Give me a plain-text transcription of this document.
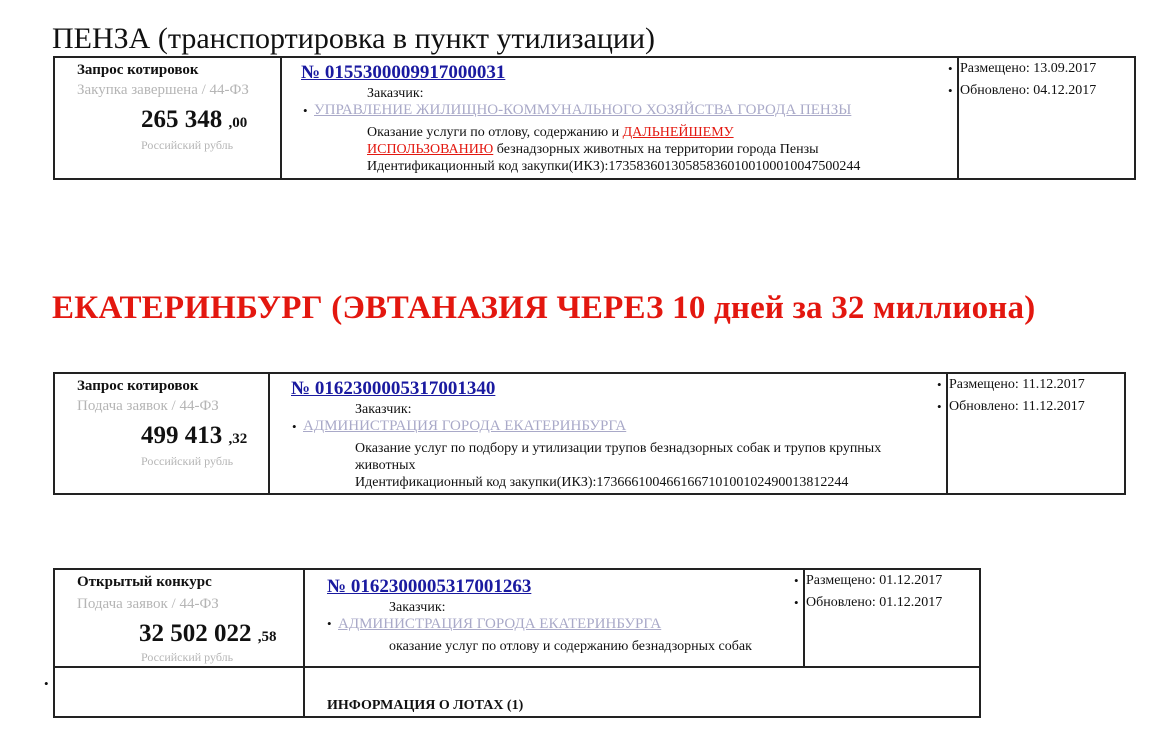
ПЕНЗА (транспортировка в пункт утилизации)
Запрос котировок
Закупка завершена / 44-ФЗ
265 348 ,00
Российский рубль
№ 0155300009917000031
Заказчик:
• УПРАВЛЕНИЕ ЖИЛИЩНО-КОММУНАЛЬНОГО ХОЗЯЙСТВА ГОРОДА ПЕНЗЫ
Оказание услуги по отлову, содержанию и ДАЛЬНЕЙШЕМУ ИСПОЛЬЗОВАНИЮ безнадзорных животных на территории города Пензы
Идентификационный код закупки(ИКЗ):173583601305858360100100010047500244
• Размещено: 13.09.2017
• Обновлено: 04.12.2017
ЕКАТЕРИНБУРГ (ЭВТАНАЗИЯ ЧЕРЕЗ 10 дней за 32 миллиона)
Запрос котировок
Подача заявок / 44-ФЗ
499 413 ,32
Российский рубль
№ 0162300005317001340
Заказчик:
• АДМИНИСТРАЦИЯ ГОРОДА ЕКАТЕРИНБУРГА
Оказание услуг по подбору и утилизации трупов безнадзорных собак и трупов крупных животных
Идентификационный код закупки(ИКЗ):173666100466166710100102490013812244
• Размещено: 11.12.2017
• Обновлено: 11.12.2017
Открытый конкурс
Подача заявок / 44-ФЗ
32 502 022 ,58
Российский рубль
№ 0162300005317001263
Заказчик:
• АДМИНИСТРАЦИЯ ГОРОДА ЕКАТЕРИНБУРГА
оказание услуг по отлову и содержанию безнадзорных собак
• Размещено: 01.12.2017
• Обновлено: 01.12.2017
ИНФОРМАЦИЯ О ЛОТАХ (1)
•
